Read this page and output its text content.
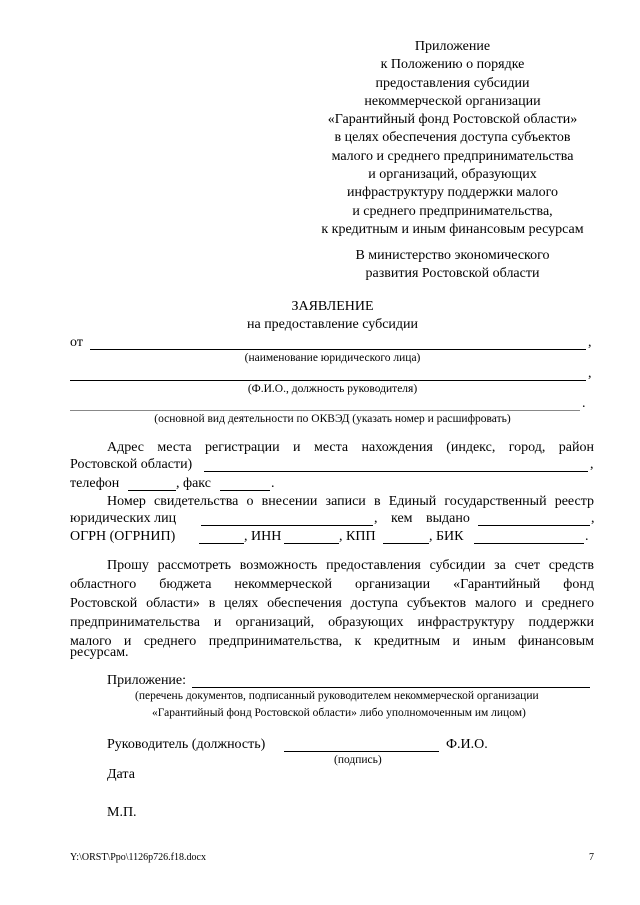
Приложение
к Положению о порядке
предоставления субсидии
некоммерческой организации
«Гарантийный фонд Ростовской области»
в целях обеспечения доступа субъектов
малого и среднего предпринимательства
и организаций, образующих
инфраструктуру поддержки малого
и среднего предпринимательства,
к кредитным и иным финансовым ресурсам
В министерство экономического
развития Ростовской области
ЗАЯВЛЕНИЕ
на предоставление субсидии
от	,
(наименование юридического лица)
,
(Ф.И.О., должность руководителя)
.
(основной вид деятельности по ОКВЭД (указать номер и расшифровать)
Адрес места регистрации и места нахождения (индекс, город, район
Ростовской области)	,
телефон	, факс	.
Номер свидетельства о внесении записи в Единый государственный реестр
юридических лиц	, кем выдано	,
ОГРН (ОГРНИП)	, ИНН	, КПП	, БИК	.
Прошу рассмотреть возможность предоставления субсидии за счет средств
областного бюджета некоммерческой организации «Гарантийный фонд
Ростовской области» в целях обеспечения доступа субъектов малого и среднего
предпринимательства и организаций, образующих инфраструктуру поддержки
малого и среднего предпринимательства, к кредитным и иным финансовым
ресурсам.
Приложение:
(перечень документов, подписанный руководителем некоммерческой организации
«Гарантийный фонд Ростовской области» либо уполномоченным им лицом)
Руководитель (должность)	Ф.И.О.
(подпись)
Дата
М.П.
Y:\ORST\Ppo\1126p726.f18.docx	7
